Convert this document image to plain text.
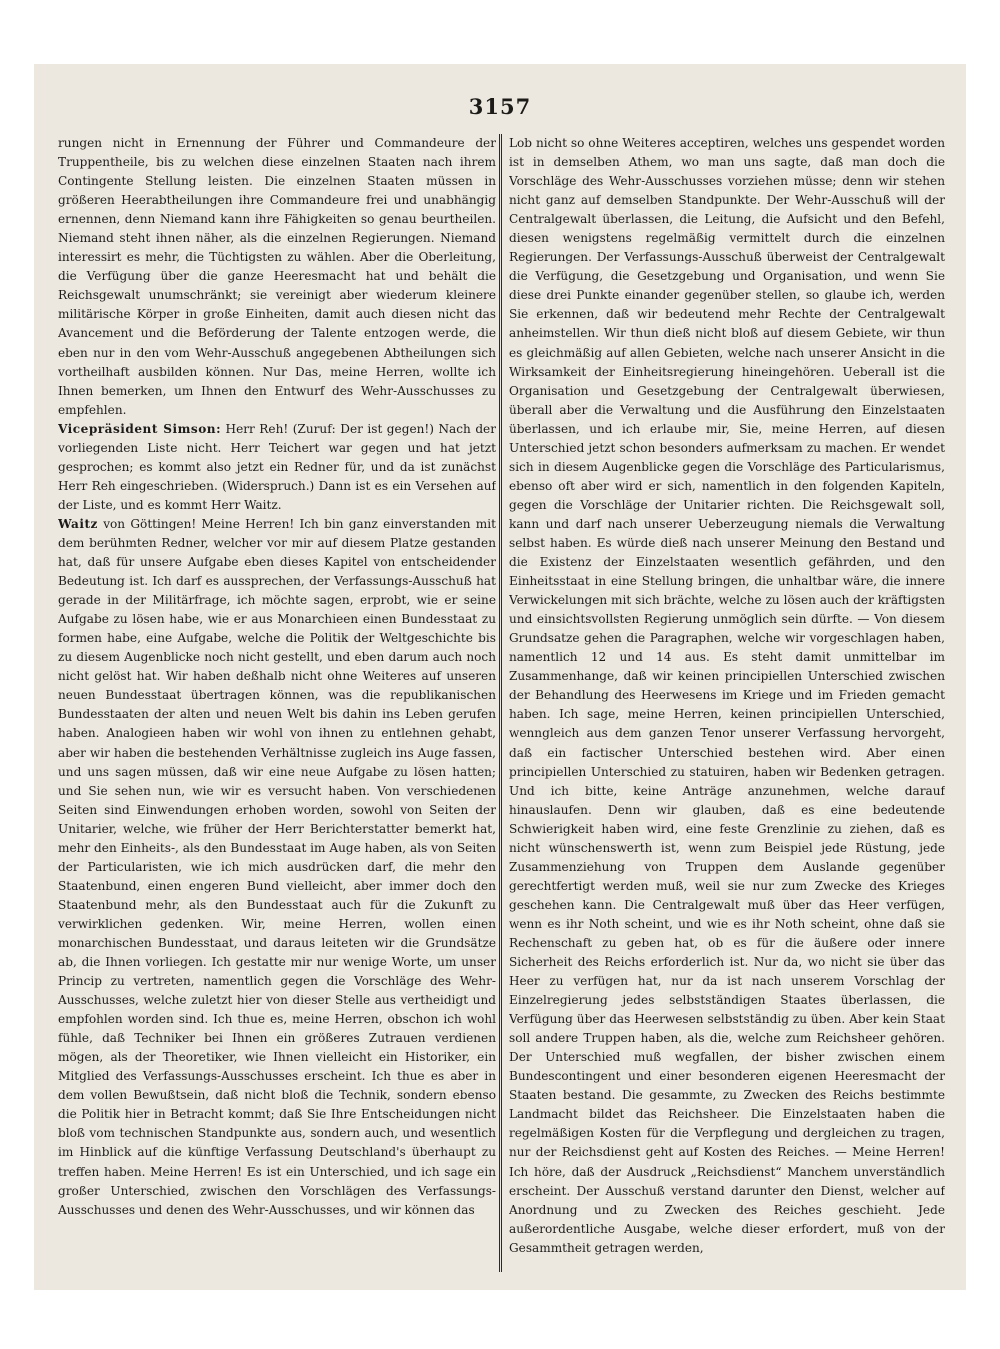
3157

rungen nicht in Ernennung der Führer und Commandeure der Truppentheile, bis zu welchen diese einzelnen Staaten nach ihrem Contingente Stellung leisten. Die einzelnen Staaten müssen in größeren Heerabtheilungen ihre Commandeure frei und unabhängig ernennen, denn Niemand kann ihre Fähigkeiten so genau beurtheilen. Niemand steht ihnen näher, als die einzelnen Regierungen. Niemand interessirt es mehr, die Tüchtigsten zu wählen. Aber die Oberleitung, die Verfügung über die ganze Heeresmacht hat und behält die Reichsgewalt unumschränkt; sie vereinigt aber wiederum kleinere militärische Körper in große Einheiten, damit auch diesen nicht das Avancement und die Beförderung der Talente entzogen werde, die eben nur in den vom Wehr-Ausschuß angegebenen Abtheilungen sich vortheilhaft ausbilden können. Nur Das, meine Herren, wollte ich Ihnen bemerken, um Ihnen den Entwurf des Wehr-Ausschusses zu empfehlen.

Vicepräsident Simson: Herr Reh! (Zuruf: Der ist gegen!) Nach der vorliegenden Liste nicht. Herr Teichert war gegen und hat jetzt gesprochen; es kommt also jetzt ein Redner für, und da ist zunächst Herr Reh eingeschrieben. (Widerspruch.) Dann ist es ein Versehen auf der Liste, und es kommt Herr Waitz.

Waitz von Göttingen! Meine Herren! Ich bin ganz einverstanden mit dem berühmten Redner, welcher vor mir auf diesem Platze gestanden hat, daß für unsere Aufgabe eben dieses Kapitel von entscheidender Bedeutung ist. Ich darf es aussprechen, der Verfassungs-Ausschuß hat gerade in der Militärfrage, ich möchte sagen, erprobt, wie er seine Aufgabe zu lösen habe, wie er aus Monarchieen einen Bundesstaat zu formen habe, eine Aufgabe, welche die Politik der Weltgeschichte bis zu diesem Augenblicke noch nicht gestellt, und eben darum auch noch nicht gelöst hat. Wir haben deßhalb nicht ohne Weiteres auf unseren neuen Bundesstaat übertragen können, was die republikanischen Bundesstaaten der alten und neuen Welt bis dahin ins Leben gerufen haben. Analogieen haben wir wohl von ihnen zu entlehnen gehabt, aber wir haben die bestehenden Verhältnisse zugleich ins Auge fassen, und uns sagen müssen, daß wir eine neue Aufgabe zu lösen hatten; und Sie sehen nun, wie wir es versucht haben. Von verschiedenen Seiten sind Einwendungen erhoben worden, sowohl von Seiten der Unitarier, welche, wie früher der Herr Berichterstatter bemerkt hat, mehr den Einheits-, als den Bundesstaat im Auge haben, als von Seiten der Particularisten, wie ich mich ausdrücken darf, die mehr den Staatenbund, einen engeren Bund vielleicht, aber immer doch den Staatenbund mehr, als den Bundesstaat auch für die Zukunft zu verwirklichen gedenken. Wir, meine Herren, wollen einen monarchischen Bundesstaat, und daraus leiteten wir die Grundsätze ab, die Ihnen vorliegen. Ich gestatte mir nur wenige Worte, um unser Princip zu vertreten, namentlich gegen die Vorschläge des Wehr-Ausschusses, welche zuletzt hier von dieser Stelle aus vertheidigt und empfohlen worden sind. Ich thue es, meine Herren, obschon ich wohl fühle, daß Techniker bei Ihnen ein größeres Zutrauen verdienen mögen, als der Theoretiker, wie Ihnen vielleicht ein Historiker, ein Mitglied des Verfassungs-Ausschusses erscheint. Ich thue es aber in dem vollen Bewußtsein, daß nicht bloß die Technik, sondern ebenso die Politik hier in Betracht kommt; daß Sie Ihre Entscheidungen nicht bloß vom technischen Standpunkte aus, sondern auch, und wesentlich im Hinblick auf die künftige Verfassung Deutschland's überhaupt zu treffen haben. Meine Herren! Es ist ein Unterschied, und ich sage ein großer Unterschied, zwischen den Vorschlägen des Verfassungs-Ausschusses und denen des Wehr-Ausschusses, und wir können das

Lob nicht so ohne Weiteres acceptiren, welches uns gespendet worden ist in demselben Athem, wo man uns sagte, daß man doch die Vorschläge des Wehr-Ausschusses vorziehen müsse; denn wir stehen nicht ganz auf demselben Standpunkte. Der Wehr-Ausschuß will der Centralgewalt überlassen, die Leitung, die Aufsicht und den Befehl, diesen wenigstens regelmäßig vermittelt durch die einzelnen Regierungen. Der Verfassungs-Ausschuß überweist der Centralgewalt die Verfügung, die Gesetzgebung und Organisation, und wenn Sie diese drei Punkte einander gegenüber stellen, so glaube ich, werden Sie erkennen, daß wir bedeutend mehr Rechte der Centralgewalt anheimstellen. Wir thun dieß nicht bloß auf diesem Gebiete, wir thun es gleichmäßig auf allen Gebieten, welche nach unserer Ansicht in die Wirksamkeit der Einheitsregierung hineingehören. Ueberall ist die Organisation und Gesetzgebung der Centralgewalt überwiesen, überall aber die Verwaltung und die Ausführung den Einzelstaaten überlassen, und ich erlaube mir, Sie, meine Herren, auf diesen Unterschied jetzt schon besonders aufmerksam zu machen. Er wendet sich in diesem Augenblicke gegen die Vorschläge des Particularismus, ebenso oft aber wird er sich, namentlich in den folgenden Kapiteln, gegen die Vorschläge der Unitarier richten. Die Reichsgewalt soll, kann und darf nach unserer Ueberzeugung niemals die Verwaltung selbst haben. Es würde dieß nach unserer Meinung den Bestand und die Existenz der Einzelstaaten wesentlich gefährden, und den Einheitsstaat in eine Stellung bringen, die unhaltbar wäre, die innere Verwickelungen mit sich brächte, welche zu lösen auch der kräftigsten und einsichtsvollsten Regierung unmöglich sein dürfte. — Von diesem Grundsatze gehen die Paragraphen, welche wir vorgeschlagen haben, namentlich 12 und 14 aus. Es steht damit unmittelbar im Zusammenhange, daß wir keinen principiellen Unterschied zwischen der Behandlung des Heerwesens im Kriege und im Frieden gemacht haben. Ich sage, meine Herren, keinen principiellen Unterschied, wenngleich aus dem ganzen Tenor unserer Verfassung hervorgeht, daß ein factischer Unterschied bestehen wird. Aber einen principiellen Unterschied zu statuiren, haben wir Bedenken getragen. Und ich bitte, keine Anträge anzunehmen, welche darauf hinauslaufen. Denn wir glauben, daß es eine bedeutende Schwierigkeit haben wird, eine feste Grenzlinie zu ziehen, daß es nicht wünschenswerth ist, wenn zum Beispiel jede Rüstung, jede Zusammenziehung von Truppen dem Auslande gegenüber gerechtfertigt werden muß, weil sie nur zum Zwecke des Krieges geschehen kann. Die Centralgewalt muß über das Heer verfügen, wenn es ihr Noth scheint, und wie es ihr Noth scheint, ohne daß sie Rechenschaft zu geben hat, ob es für die äußere oder innere Sicherheit des Reichs erforderlich ist. Nur da, wo nicht sie über das Heer zu verfügen hat, nur da ist nach unserem Vorschlag der Einzelregierung jedes selbstständigen Staates überlassen, die Verfügung über das Heerwesen selbstständig zu üben. Aber kein Staat soll andere Truppen haben, als die, welche zum Reichsheer gehören. Der Unterschied muß wegfallen, der bisher zwischen einem Bundescontingent und einer besonderen eigenen Heeresmacht der Staaten bestand. Die gesammte, zu Zwecken des Reichs bestimmte Landmacht bildet das Reichsheer. Die Einzelstaaten haben die regelmäßigen Kosten für die Verpflegung und dergleichen zu tragen, nur der Reichsdienst geht auf Kosten des Reiches. — Meine Herren! Ich höre, daß der Ausdruck „Reichsdienst“ Manchem unverständlich erscheint. Der Ausschuß verstand darunter den Dienst, welcher auf Anordnung und zu Zwecken des Reiches geschieht. Jede außerordentliche Ausgabe, welche dieser erfordert, muß von der Gesammtheit getragen werden,
